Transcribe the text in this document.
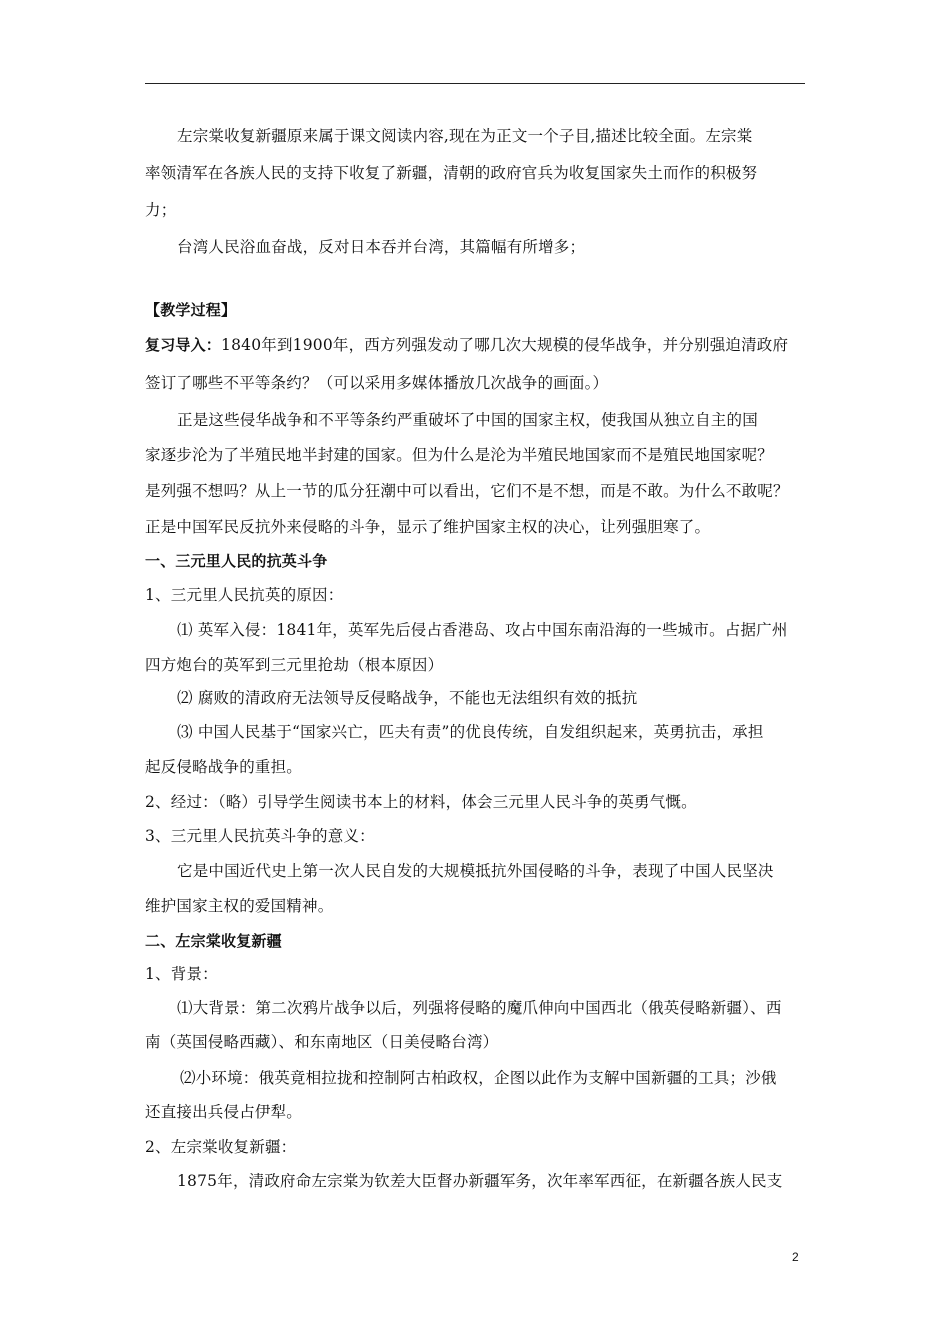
左宗棠收复新疆原来属于课文阅读内容,现在为正文一个子目,描述比较全面。左宗棠
率领清军在各族人民的支持下收复了新疆，清朝的政府官兵为收复国家失土而作的积极努
力；
台湾人民浴血奋战，反对日本吞并台湾，其篇幅有所增多；
【教学过程】
复习导入：1840年到1900年，西方列强发动了哪几次大规模的侵华战争，并分别强迫清政府
签订了哪些不平等条约？（可以采用多媒体播放几次战争的画面。）
正是这些侵华战争和不平等条约严重破坏了中国的国家主权，使我国从独立自主的国
家逐步沦为了半殖民地半封建的国家。但为什么是沦为半殖民地国家而不是殖民地国家呢？
是列强不想吗？从上一节的瓜分狂潮中可以看出，它们不是不想，而是不敢。为什么不敢呢？
正是中国军民反抗外来侵略的斗争，显示了维护国家主权的决心，让列强胆寒了。
一、三元里人民的抗英斗争
1、三元里人民抗英的原因：
⑴ 英军入侵：1841年，英军先后侵占香港岛、攻占中国东南沿海的一些城市。占据广州
四方炮台的英军到三元里抢劫（根本原因）
⑵ 腐败的清政府无法领导反侵略战争，不能也无法组织有效的抵抗
⑶ 中国人民基于“国家兴亡，匹夫有责”的优良传统，自发组织起来，英勇抗击，承担
起反侵略战争的重担。
2、经过：（略）引导学生阅读书本上的材料，体会三元里人民斗争的英勇气慨。
3、三元里人民抗英斗争的意义：
它是中国近代史上第一次人民自发的大规模抵抗外国侵略的斗争，表现了中国人民坚决
维护国家主权的爱国精神。
二、左宗棠收复新疆
1、背景：
⑴大背景：第二次鸦片战争以后，列强将侵略的魔爪伸向中国西北（俄英侵略新疆）、西
南（英国侵略西藏）、和东南地区（日美侵略台湾）
⑵小环境：俄英竟相拉拢和控制阿古柏政权，企图以此作为支解中国新疆的工具；沙俄
还直接出兵侵占伊犁。
2、左宗棠收复新疆：
1875年，清政府命左宗棠为钦差大臣督办新疆军务，次年率军西征，在新疆各族人民支
2
